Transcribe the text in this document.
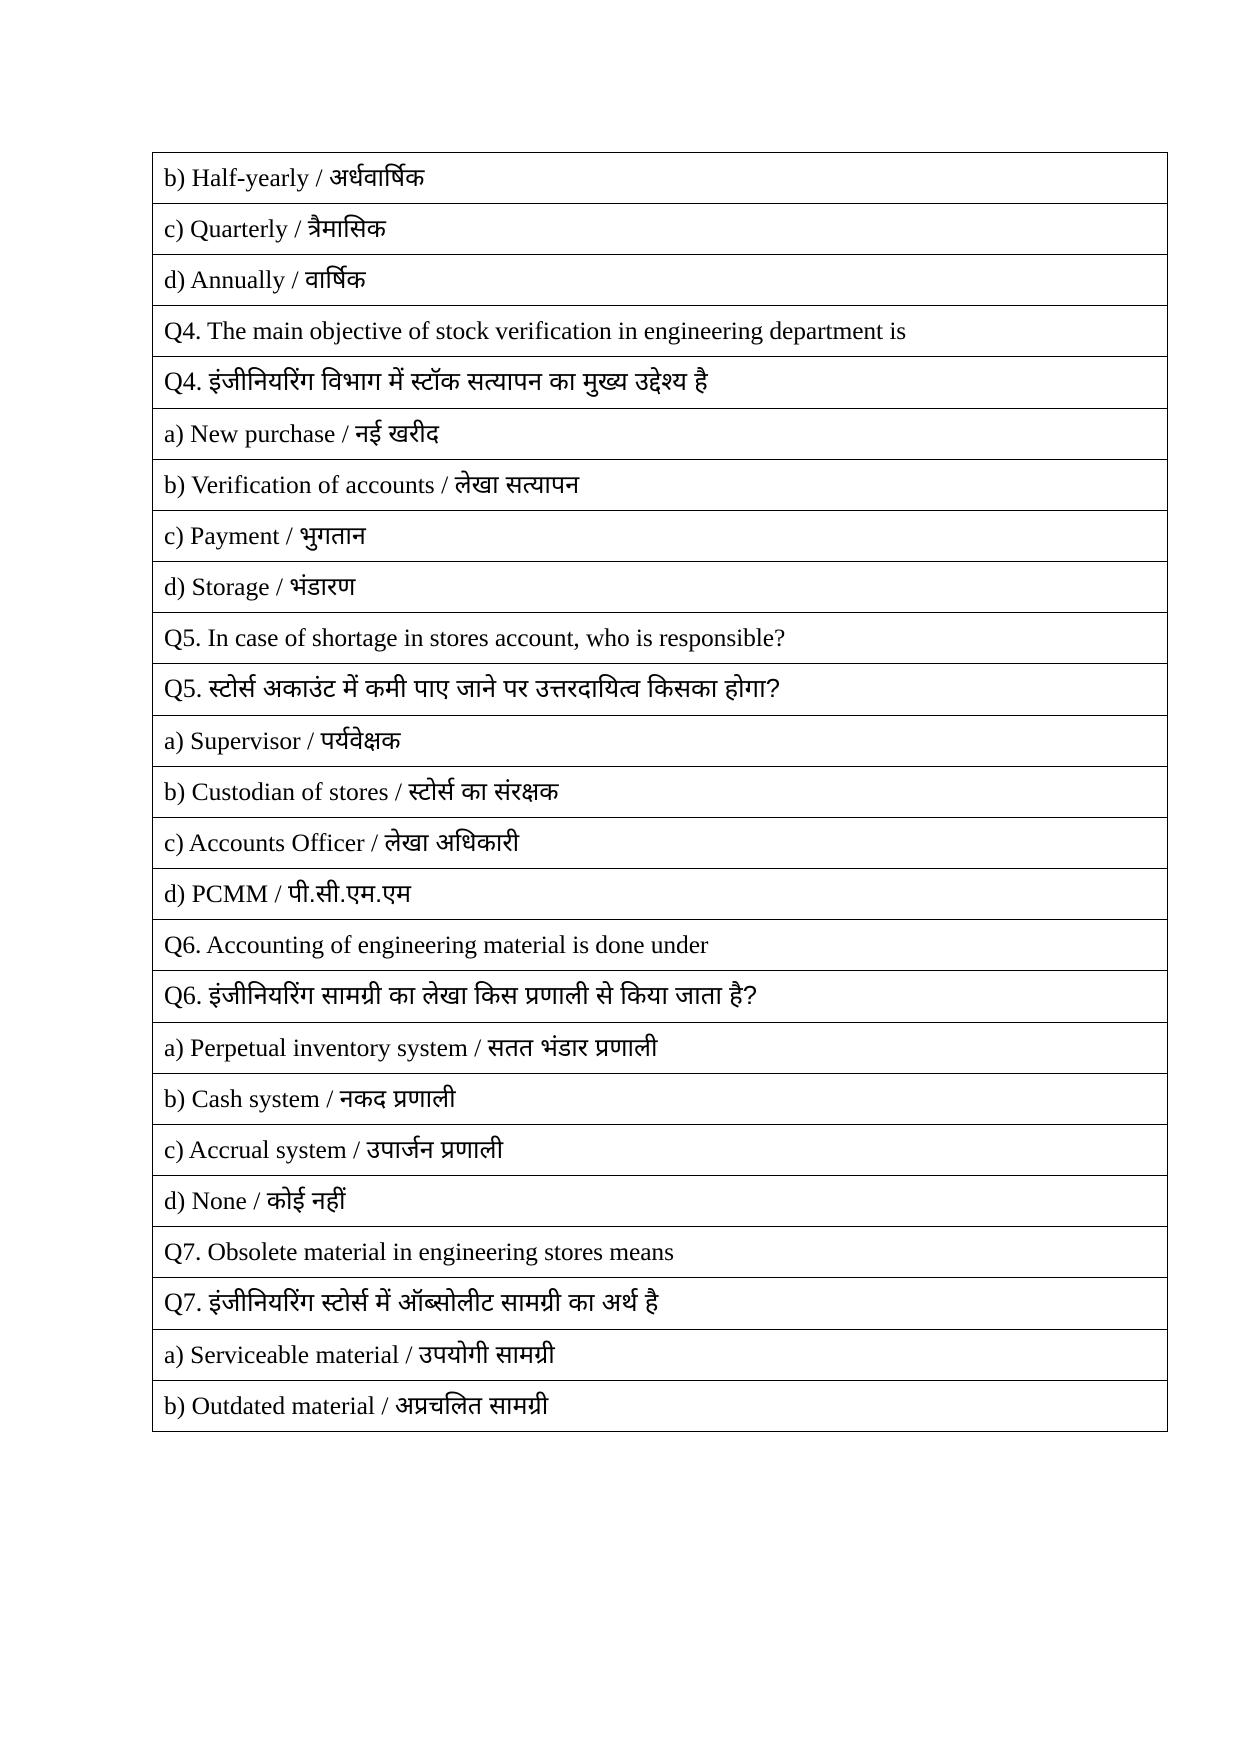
b) Half-yearly / अर्धवार्षिक
c) Quarterly / त्रैमासिक
d) Annually / वार्षिक
Q4. The main objective of stock verification in engineering department is
Q4. इंजीनियरिंग विभाग में स्टॉक सत्यापन का मुख्य उद्देश्य है
a) New purchase / नई खरीद
b) Verification of accounts / लेखा सत्यापन
c) Payment / भुगतान
d) Storage / भंडारण
Q5. In case of shortage in stores account, who is responsible?
Q5. स्टोर्स अकाउंट में कमी पाए जाने पर उत्तरदायित्व किसका होगा?
a) Supervisor / पर्यवेक्षक
b) Custodian of stores / स्टोर्स का संरक्षक
c) Accounts Officer / लेखा अधिकारी
d) PCMM / पी.सी.एम.एम
Q6. Accounting of engineering material is done under
Q6. इंजीनियरिंग सामग्री का लेखा किस प्रणाली से किया जाता है?
a) Perpetual inventory system / सतत भंडार प्रणाली
b) Cash system / नकद प्रणाली
c) Accrual system / उपार्जन प्रणाली
d) None / कोई नहीं
Q7. Obsolete material in engineering stores means
Q7. इंजीनियरिंग स्टोर्स में ऑब्सोलीट सामग्री का अर्थ है
a) Serviceable material / उपयोगी सामग्री
b) Outdated material / अप्रचलित सामग्री
